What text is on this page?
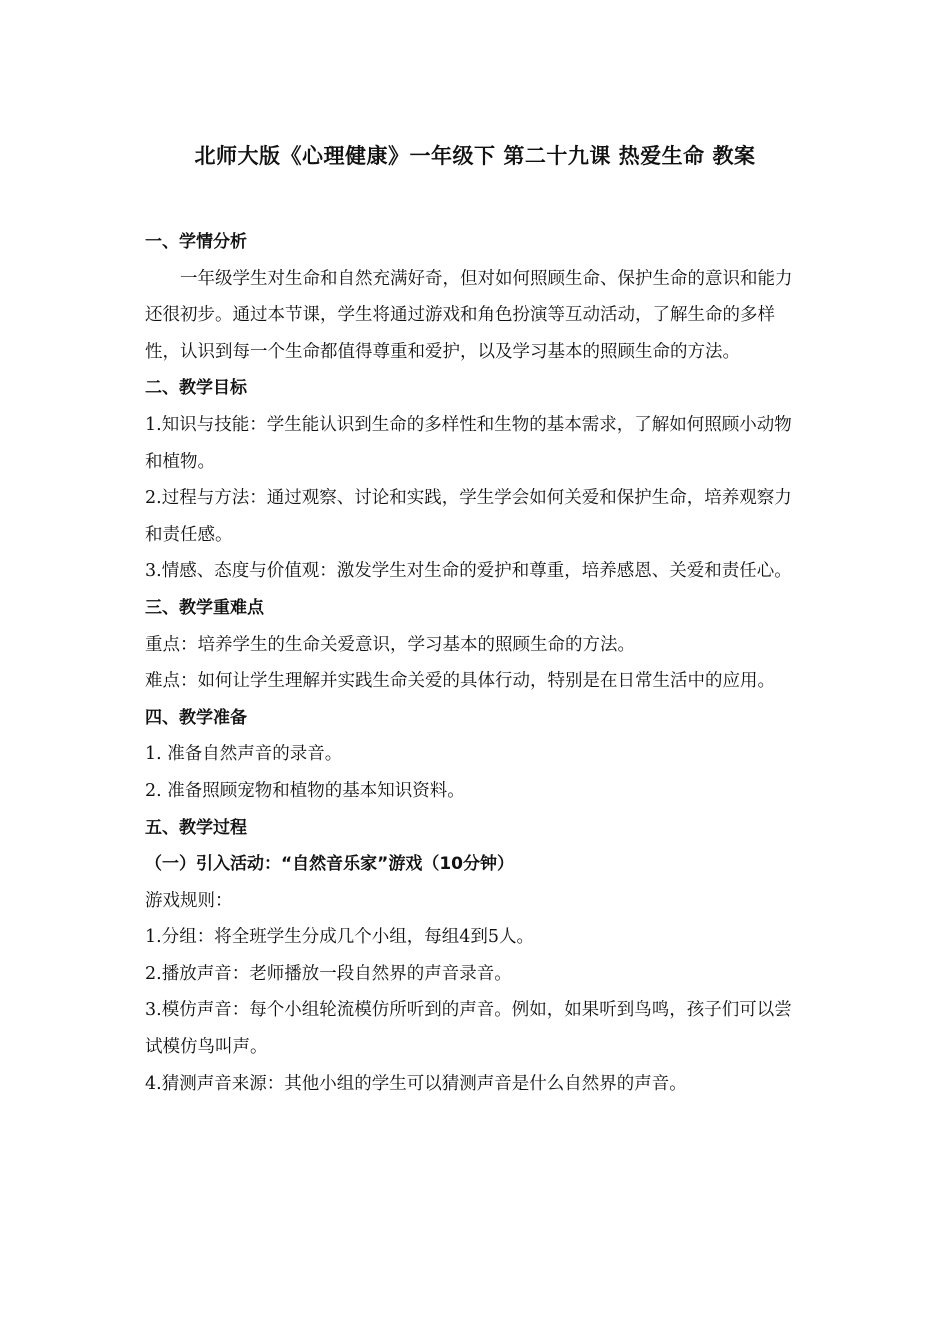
北师大版《心理健康》一年级下 第二十九课 热爱生命 教案

一、学情分析

一年级学生对生命和自然充满好奇，但对如何照顾生命、保护生命的意识和能力还很初步。通过本节课，学生将通过游戏和角色扮演等互动活动，了解生命的多样性，认识到每一个生命都值得尊重和爱护，以及学习基本的照顾生命的方法。

二、教学目标

1.知识与技能：学生能认识到生命的多样性和生物的基本需求，了解如何照顾小动物和植物。

2.过程与方法：通过观察、讨论和实践，学生学会如何关爱和保护生命，培养观察力和责任感。

3.情感、态度与价值观：激发学生对生命的爱护和尊重，培养感恩、关爱和责任心。

三、教学重难点

重点：培养学生的生命关爱意识，学习基本的照顾生命的方法。

难点：如何让学生理解并实践生命关爱的具体行动，特别是在日常生活中的应用。

四、教学准备

1. 准备自然声音的录音。

2. 准备照顾宠物和植物的基本知识资料。

五、教学过程

（一）引入活动：“自然音乐家”游戏（10分钟）

游戏规则：

1.分组：将全班学生分成几个小组，每组4到5人。

2.播放声音：老师播放一段自然界的声音录音。

3.模仿声音：每个小组轮流模仿所听到的声音。例如，如果听到鸟鸣，孩子们可以尝试模仿鸟叫声。

4.猜测声音来源：其他小组的学生可以猜测声音是什么自然界的声音。
